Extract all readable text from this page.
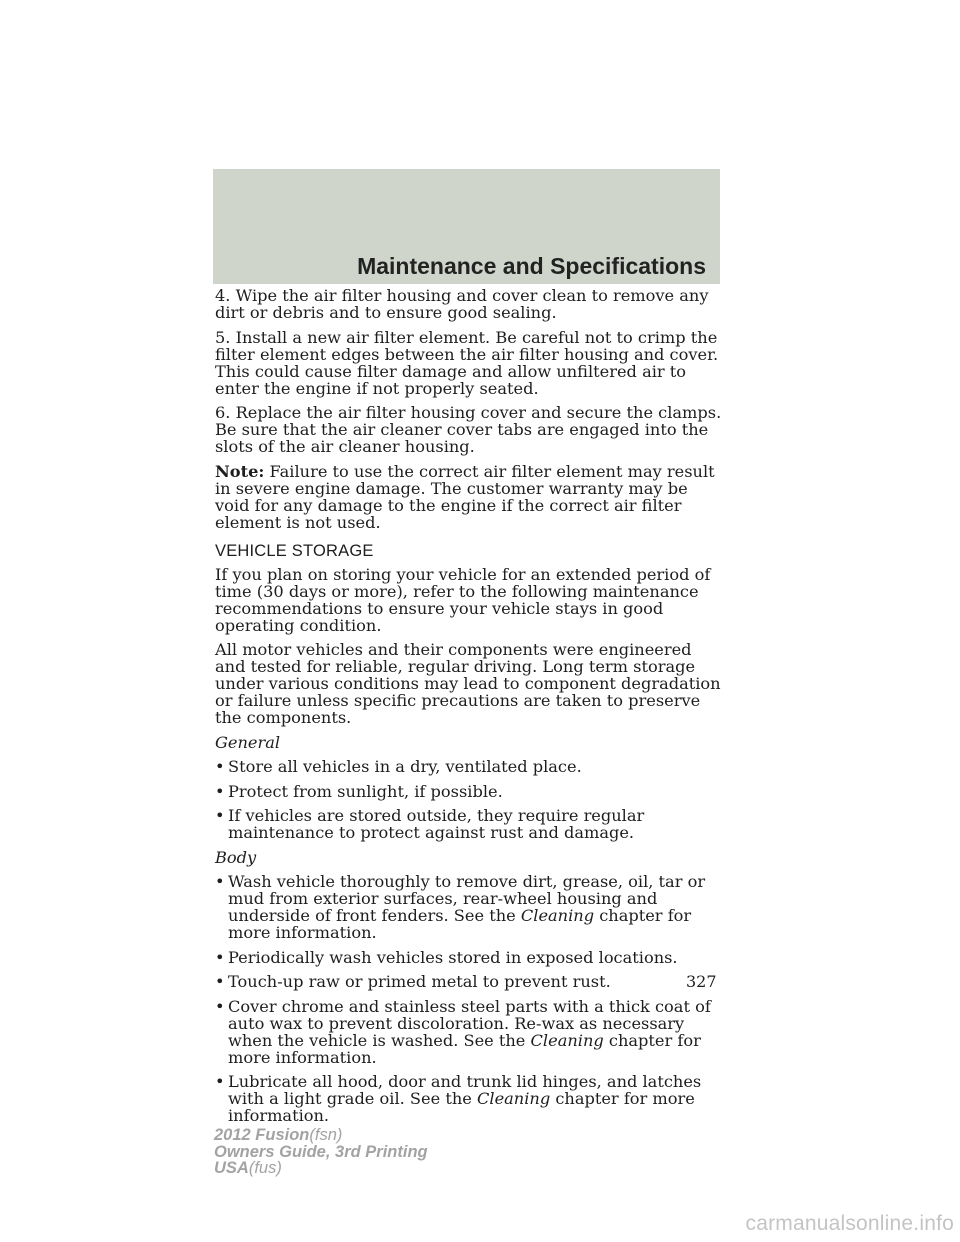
Maintenance and Specifications

4. Wipe the air filter housing and cover clean to remove any dirt or debris and to ensure good sealing.

5. Install a new air filter element. Be careful not to crimp the filter element edges between the air filter housing and cover. This could cause filter damage and allow unfiltered air to enter the engine if not properly seated.

6. Replace the air filter housing cover and secure the clamps. Be sure that the air cleaner cover tabs are engaged into the slots of the air cleaner housing.

Note: Failure to use the correct air filter element may result in severe engine damage. The customer warranty may be void for any damage to the engine if the correct air filter element is not used.

VEHICLE STORAGE

If you plan on storing your vehicle for an extended period of time (30 days or more), refer to the following maintenance recommendations to ensure your vehicle stays in good operating condition.

All motor vehicles and their components were engineered and tested for reliable, regular driving. Long term storage under various conditions may lead to component degradation or failure unless specific precautions are taken to preserve the components.

General

• Store all vehicles in a dry, ventilated place.
• Protect from sunlight, if possible.
• If vehicles are stored outside, they require regular maintenance to protect against rust and damage.

Body

• Wash vehicle thoroughly to remove dirt, grease, oil, tar or mud from exterior surfaces, rear-wheel housing and underside of front fenders. See the Cleaning chapter for more information.
• Periodically wash vehicles stored in exposed locations.
• Touch-up raw or primed metal to prevent rust.
• Cover chrome and stainless steel parts with a thick coat of auto wax to prevent discoloration. Re-wax as necessary when the vehicle is washed. See the Cleaning chapter for more information.
• Lubricate all hood, door and trunk lid hinges, and latches with a light grade oil. See the Cleaning chapter for more information.
327
2012 Fusion(fsn)
Owners Guide, 3rd Printing
USA(fus)
carmanualsonline.info
